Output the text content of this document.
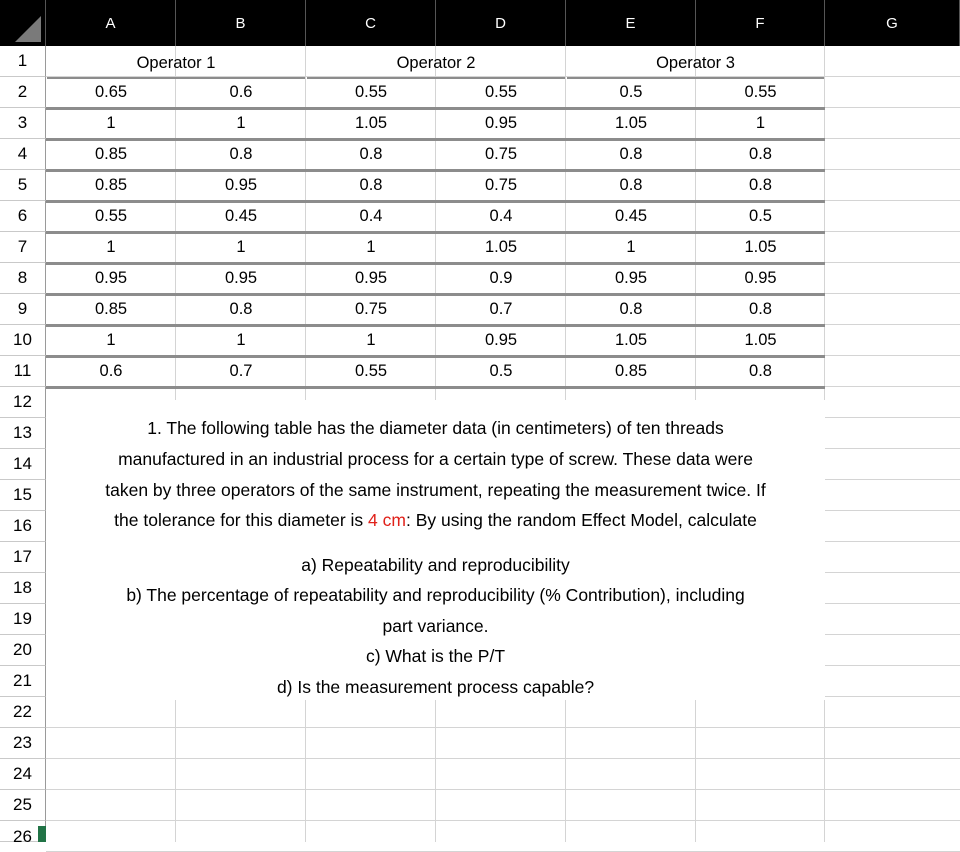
A	B	C	D	E	F	G
1
2
3
4
5
6
7
8
9
10
11
12
13
14
15
16
17
18
19
20
21
22
23
24
25
26
Operator 1	Operator 2	Operator 3
0.65	0.6	0.55	0.55	0.5	0.55
1	1	1.05	0.95	1.05	1
0.85	0.8	0.8	0.75	0.8	0.8
0.85	0.95	0.8	0.75	0.8	0.8
0.55	0.45	0.4	0.4	0.45	0.5
1	1	1	1.05	1	1.05
0.95	0.95	0.95	0.9	0.95	0.95
0.85	0.8	0.75	0.7	0.8	0.8
1	1	1	0.95	1.05	1.05
0.6	0.7	0.55	0.5	0.85	0.8
1. The following table has the diameter data (in centimeters) of ten threads
manufactured in an industrial process for a certain type of screw. These data were
taken by three operators of the same instrument, repeating the measurement twice. If
the tolerance for this diameter is 4 cm: By using the random Effect Model, calculate
a) Repeatability and reproducibility
b) The percentage of repeatability and reproducibility (% Contribution), including
part variance.
c) What is the P/T
d) Is the measurement process capable?
